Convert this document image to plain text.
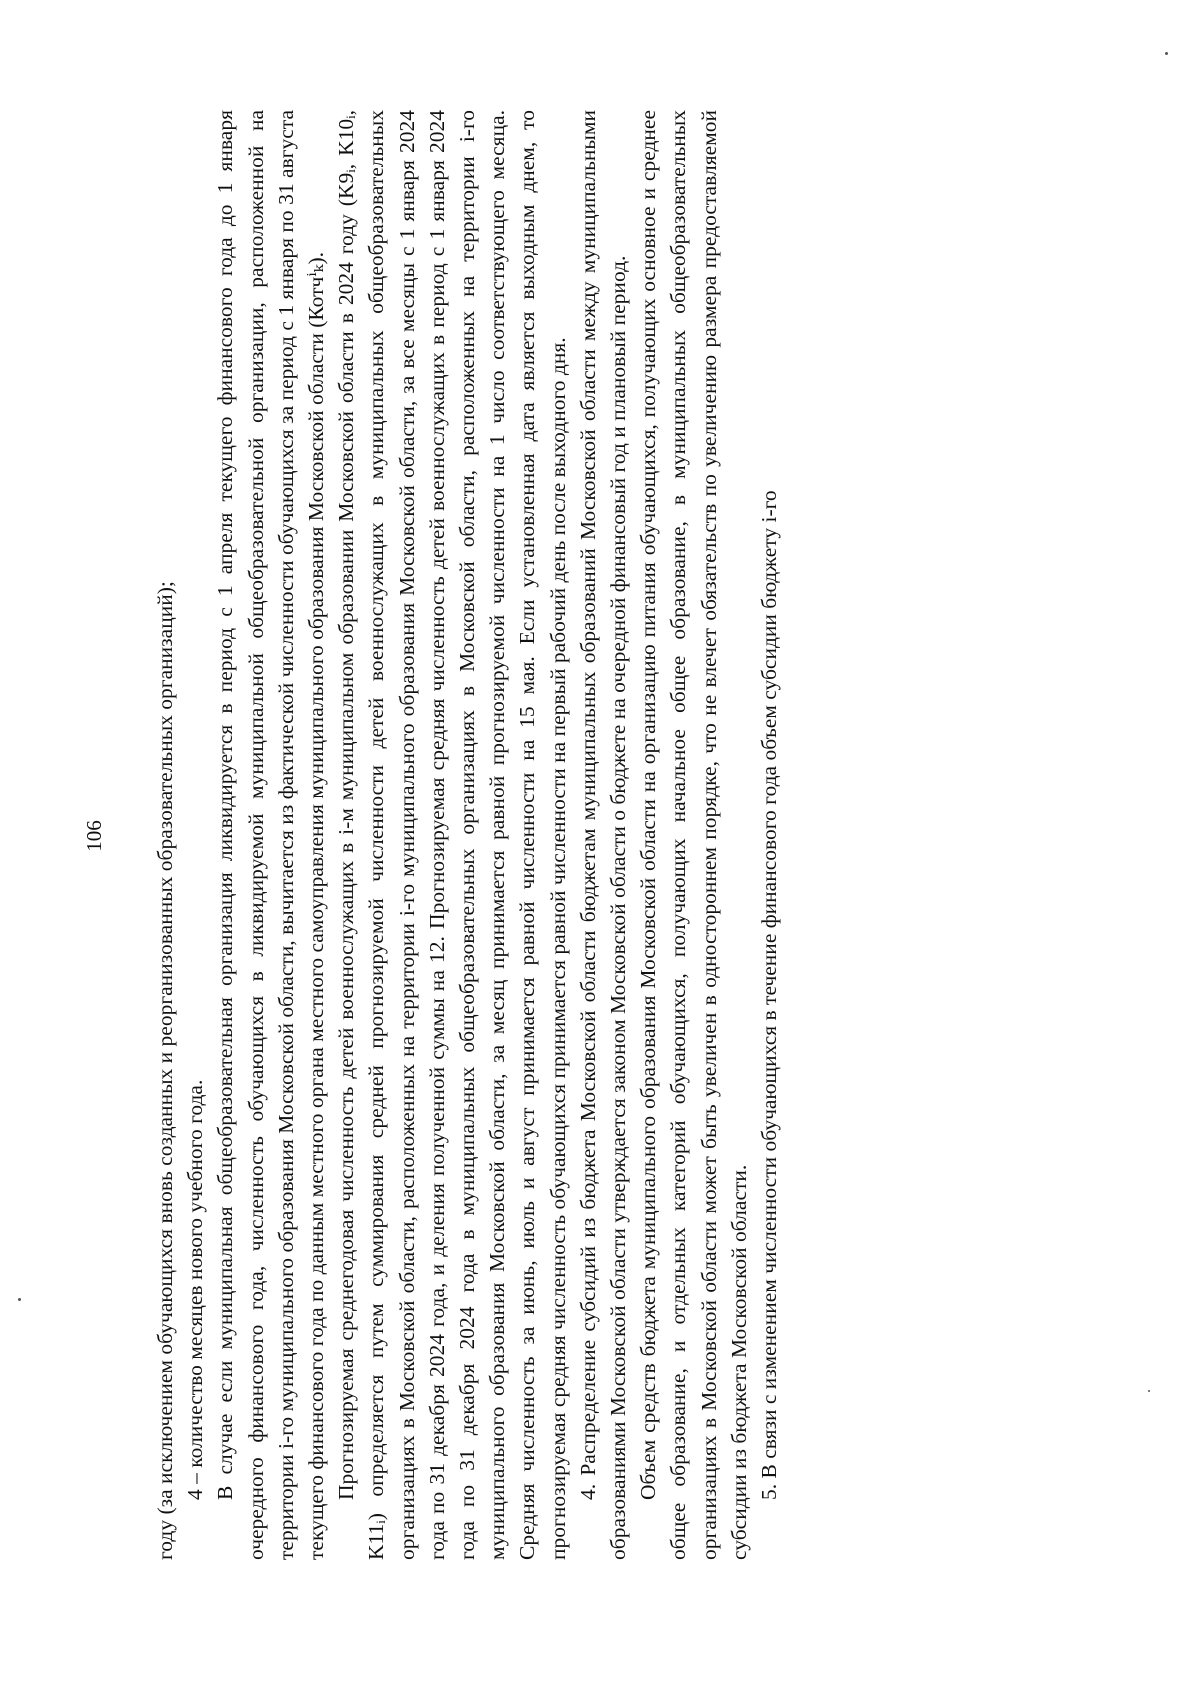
106 году (за исключением обучающихся вновь созданных и реорганизованных образовательных организаций); 4 – количество месяцев нового учебного года. В случае если муниципальная общеобразовательная организация ликвидируется в период с 1 апреля текущего финансового года до 1 января очередного финансового года, численность обучающихся в ликвидируемой муниципальной общеобразовательной организации, расположенной на территории i-го муниципального образования Московской области, вычитается из фактической численности обучающихся за период с 1 января по 31 августа текущего финансового года по данным местного органа местного самоуправления муниципального образования Московской области (Котчⁱₖ). Прогнозируемая среднегодовая численность детей военнослужащих в i-м муниципальном образовании Московской области в 2024 году (K9ᵢ, K10ᵢ, K11ᵢ) определяется путем суммирования средней прогнозируемой численности детей военнослужащих в муниципальных общеобразовательных организациях в Московской области, расположенных на территории i-го муниципального образования Московской области, за все месяцы с 1 января 2024 года по 31 декабря 2024 года, и деления полученной суммы на 12. Прогнозируемая средняя численность детей военнослужащих в период с 1 января 2024 года по 31 декабря 2024 года в муниципальных общеобразовательных организациях в Московской области, расположенных на территории i-го муниципального образования Московской области, за месяц принимается равной прогнозируемой численности на 1 число соответствующего месяца. Средняя численность за июнь, июль и август принимается равной численности на 15 мая. Если установленная дата является выходным днем, то прогнозируемая средняя численность обучающихся принимается равной численности на первый рабочий день после выходного дня. 4. Распределение субсидий из бюджета Московской области бюджетам муниципальных образований Московской области между муниципальными образованиями Московской области утверждается законом Московской области о бюджете на очередной финансовый год и плановый период. Объем средств бюджета муниципального образования Московской области на организацию питания обучающихся, получающих основное и среднее общее образование, и отдельных категорий обучающихся, получающих начальное общее образование, в муниципальных общеобразовательных организациях в Московской области может быть увеличен в одностороннем порядке, что не влечет обязательств по увеличению размера предоставляемой субсидии из бюджета Московской области. 5. В связи с изменением численности обучающихся в течение финансового года объем субсидии бюджету i-го
